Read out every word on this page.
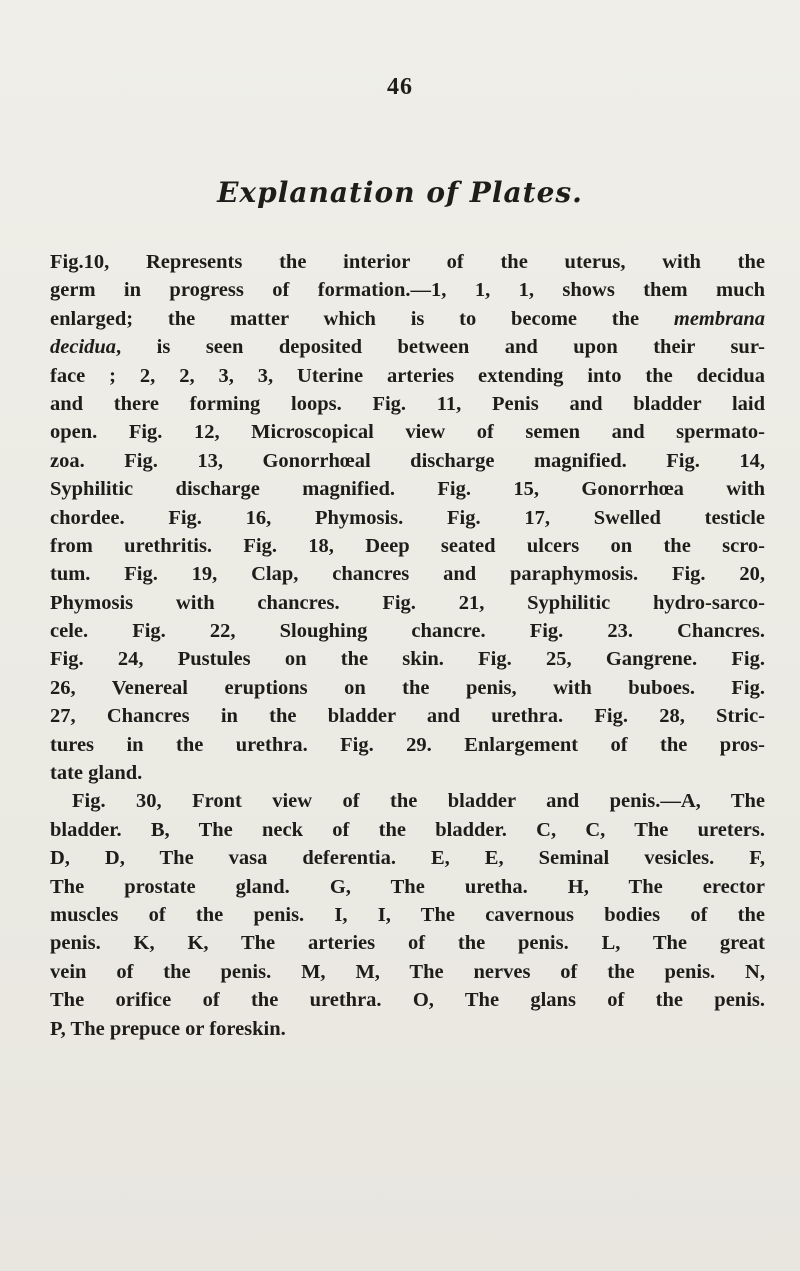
46
Explanation of Plates.
Fig.10, Represents the interior of the uterus, with the
germ in progress of formation.—1, 1, 1, shows them much
enlarged; the matter which is to become the membrana
decidua, is seen deposited between and upon their sur-
face ; 2, 2, 3, 3, Uterine arteries extending into the decidua
and there forming loops. Fig. 11, Penis and bladder laid
open. Fig. 12, Microscopical view of semen and spermato-
zoa. Fig. 13, Gonorrhœal discharge magnified. Fig. 14,
Syphilitic discharge magnified. Fig. 15, Gonorrhœa with
chordee. Fig. 16, Phymosis. Fig. 17, Swelled testicle
from urethritis. Fig. 18, Deep seated ulcers on the scro-
tum. Fig. 19, Clap, chancres and paraphymosis. Fig. 20,
Phymosis with chancres. Fig. 21, Syphilitic hydro-sarco-
cele. Fig. 22, Sloughing chancre. Fig. 23. Chancres.
Fig. 24, Pustules on the skin. Fig. 25, Gangrene. Fig.
26, Venereal eruptions on the penis, with buboes. Fig.
27, Chancres in the bladder and urethra. Fig. 28, Stric-
tures in the urethra. Fig. 29. Enlargement of the pros-
tate gland.
Fig. 30, Front view of the bladder and penis.—A, The
bladder. B, The neck of the bladder. C, C, The ureters.
D, D, The vasa deferentia. E, E, Seminal vesicles. F,
The prostate gland. G, The uretha. H, The erector
muscles of the penis. I, I, The cavernous bodies of the
penis. K, K, The arteries of the penis. L, The great
vein of the penis. M, M, The nerves of the penis. N,
The orifice of the urethra. O, The glans of the penis.
P, The prepuce or foreskin.
